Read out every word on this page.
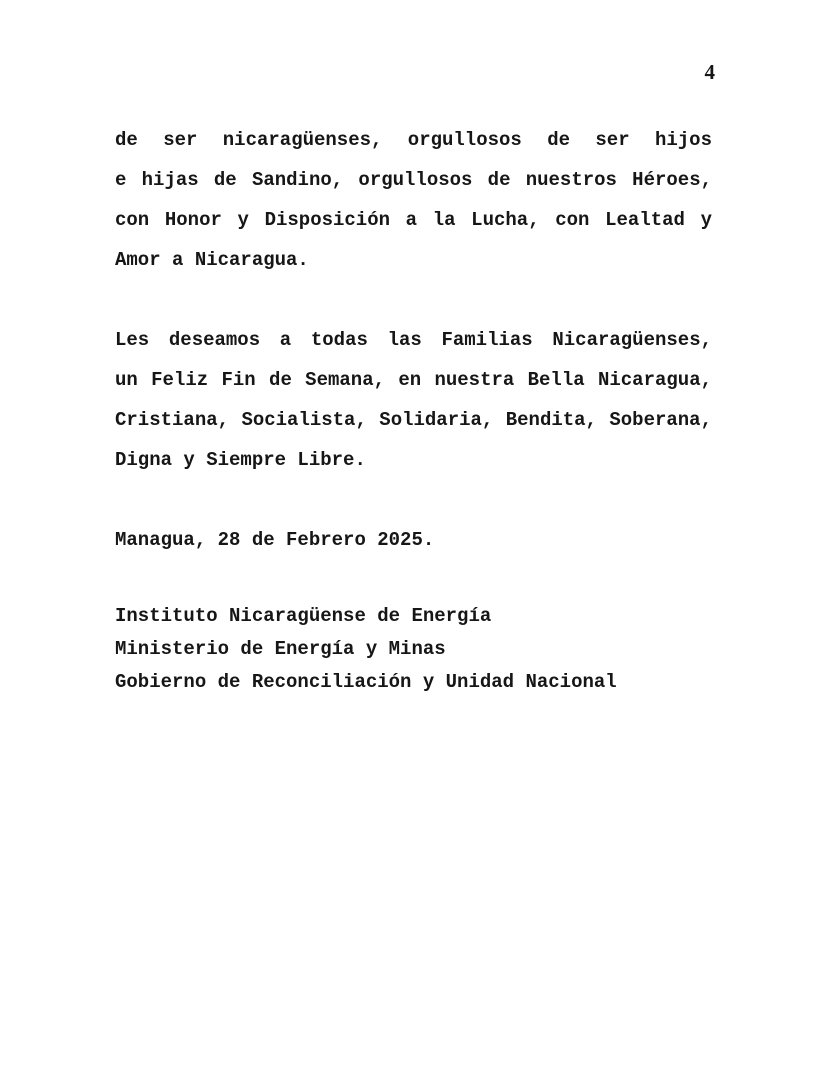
4
de ser nicaragüenses, orgullosos de ser hijos
e hijas de Sandino, orgullosos de nuestros Héroes,
con Honor y Disposición a la Lucha, con Lealtad y
Amor a Nicaragua.
Les deseamos a todas las Familias Nicaragüenses,
un Feliz Fin de Semana, en nuestra Bella Nicaragua,
Cristiana, Socialista, Solidaria, Bendita, Soberana,
Digna y Siempre Libre.
Managua, 28 de Febrero 2025.
Instituto Nicaragüense de Energía
Ministerio de Energía y Minas
Gobierno de Reconciliación y Unidad Nacional
